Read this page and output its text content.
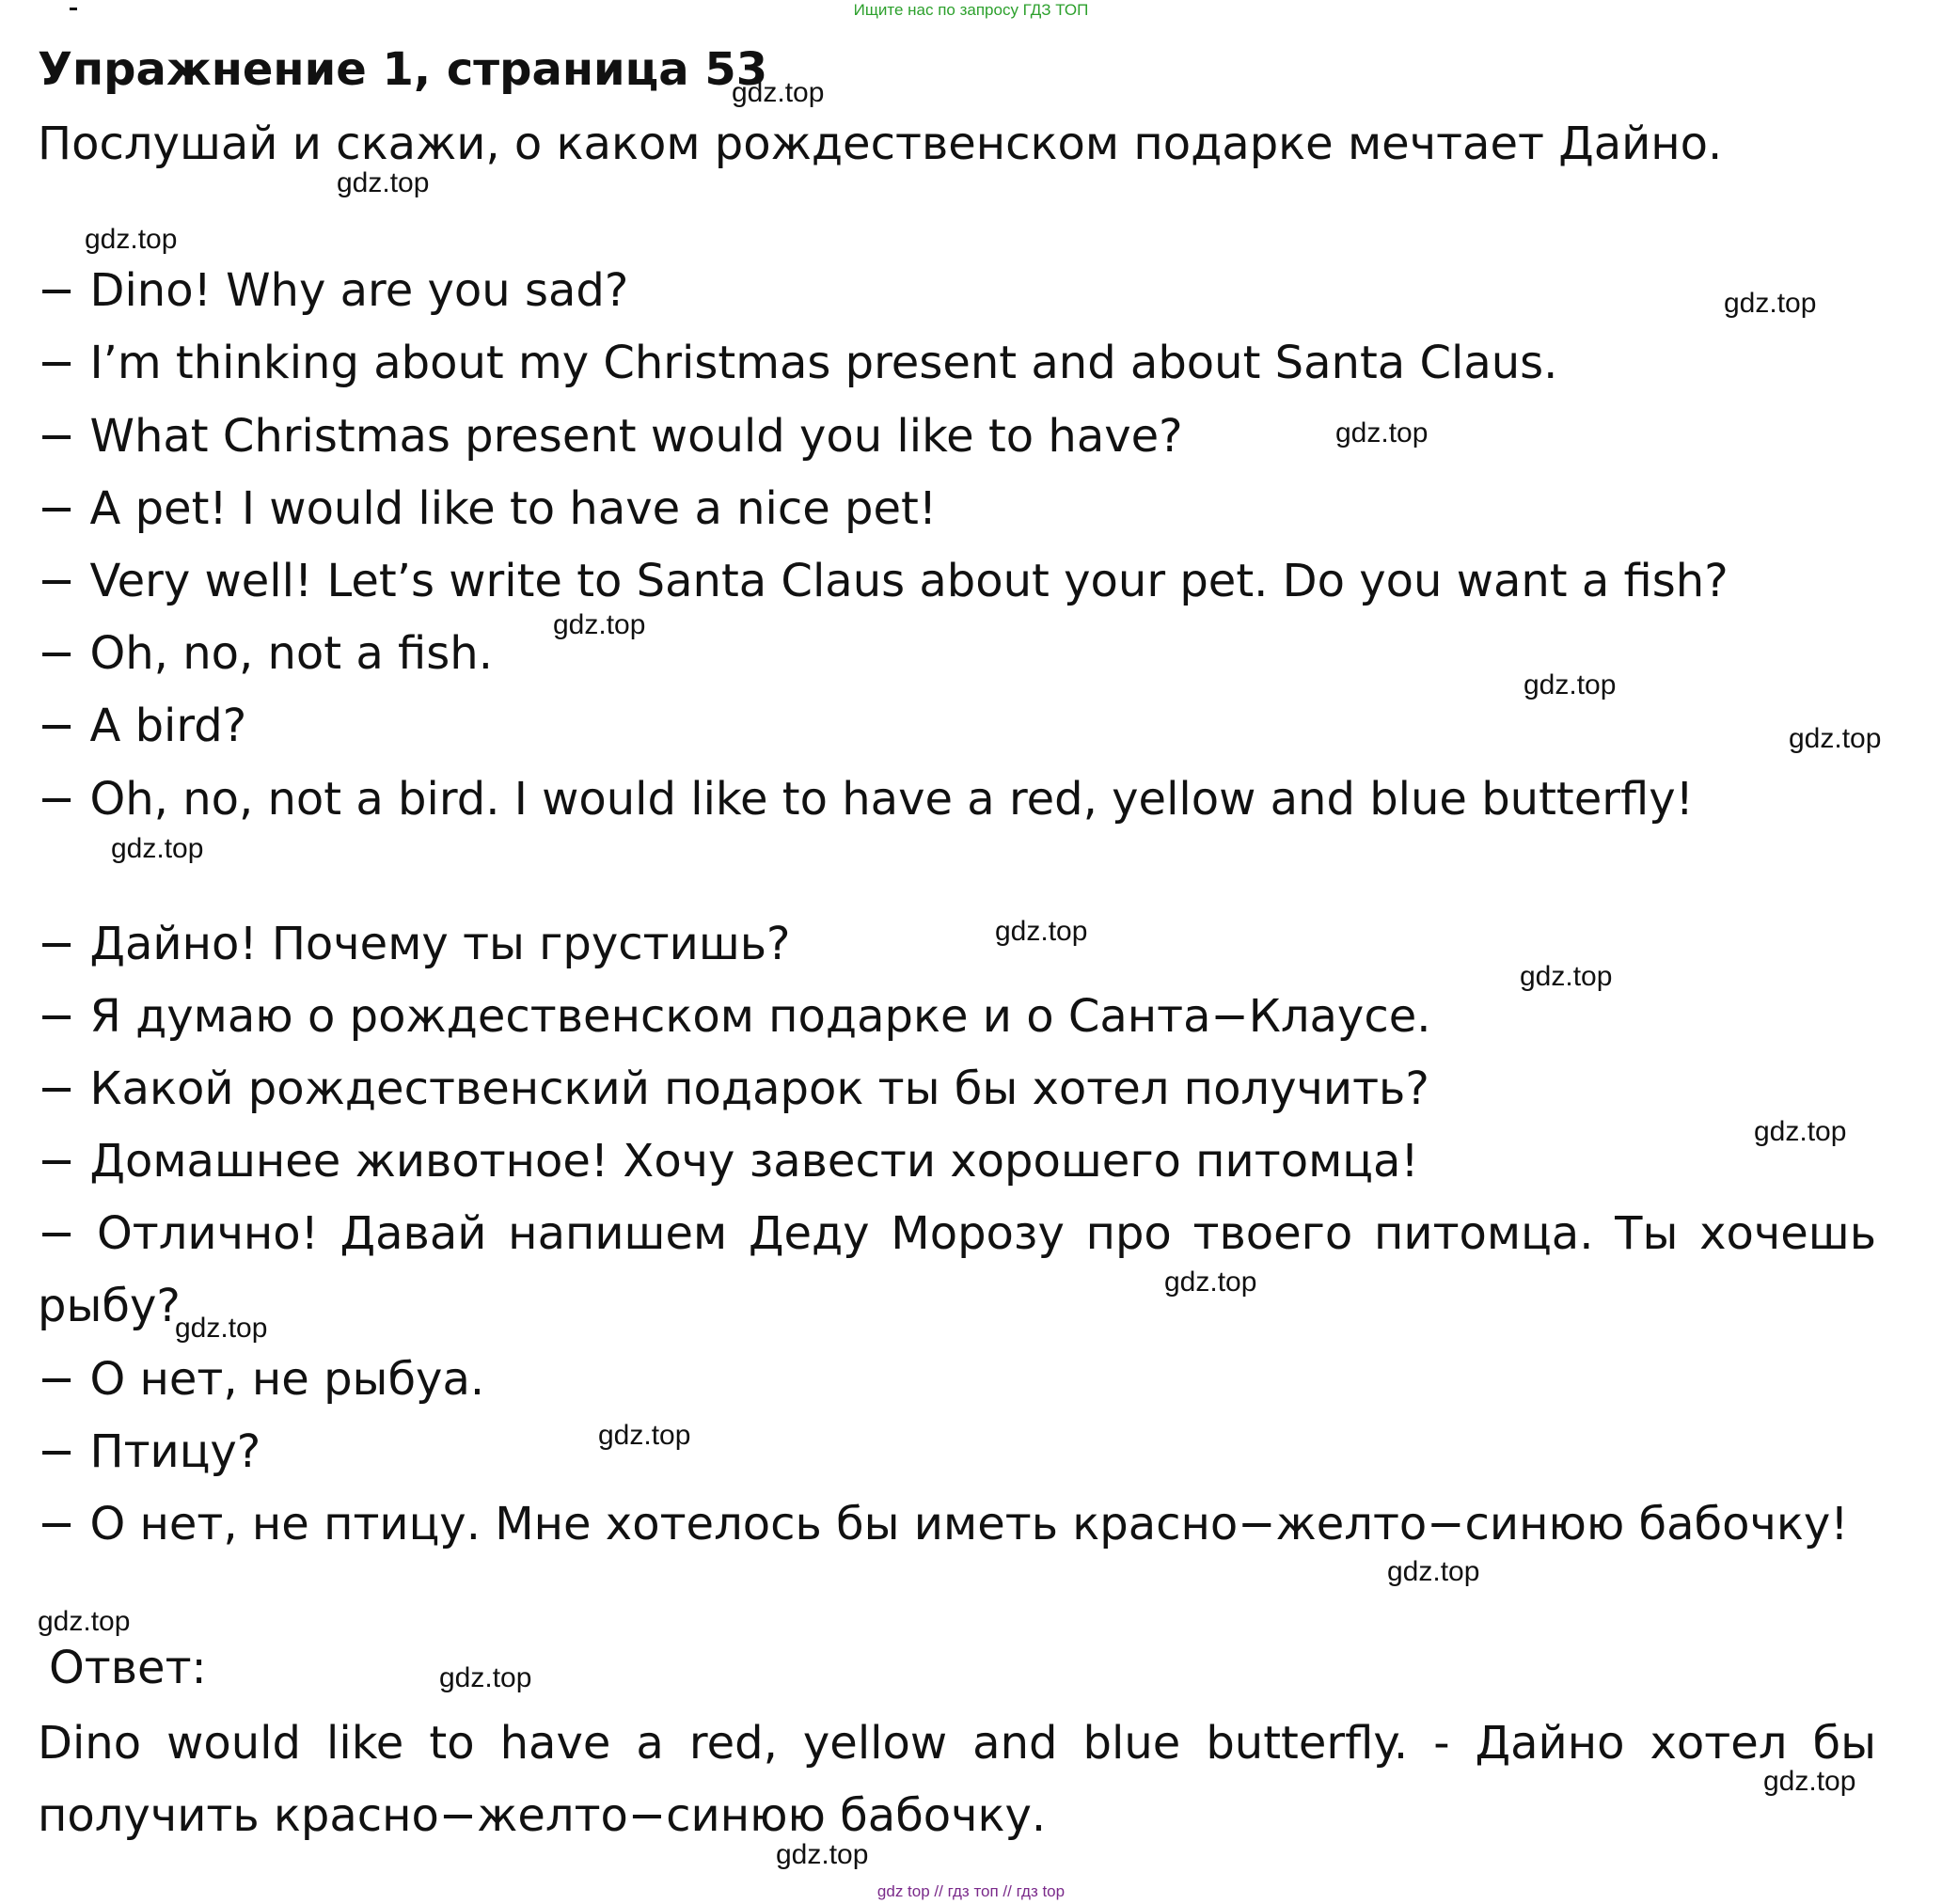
Ищите нас по запросу ГДЗ ТОП
Упражнение 1, страница 53
Послушай и скажи, о каком рождественском подарке мечтает Дайно.
− Dino! Why are you sad?
− I’m thinking about my Christmas present and about Santa Claus.
− What Christmas present would you like to have?
− A pet! I would like to have a nice pet!
− Very well! Let’s write to Santa Claus about your pet. Do you want a fish?
− Oh, no, not a fish.
− A bird?
− Oh, no, not a bird. I would like to have a red, yellow and blue butterfly!
− Дайно! Почему ты грустишь?
− Я думаю о рождественском подарке и о Санта−Клаусе.
− Какой рождественский подарок ты бы хотел получить?
− Домашнее животное! Хочу завести хорошего питомца!
− Отлично! Давай напишем Деду Морозу про твоего питомца. Ты хочешь рыбу?
− О нет, не рыбуа.
− Птицу?
− О нет, не птицу. Мне хотелось бы иметь красно−желто−синюю бабочку!
Ответ:
Dino would like to have a red, yellow and blue butterfly. - Дайно хотел бы получить красно−желто−синюю бабочку.
gdz.top
gdz.top
gdz.top
gdz.top
gdz.top
gdz.top
gdz.top
gdz.top
gdz.top
gdz.top
gdz.top
gdz.top
gdz.top
gdz.top
gdz.top
gdz.top
gdz.top
gdz.top
gdz.top
gdz.top
gdz top // гдз топ // гдз top
